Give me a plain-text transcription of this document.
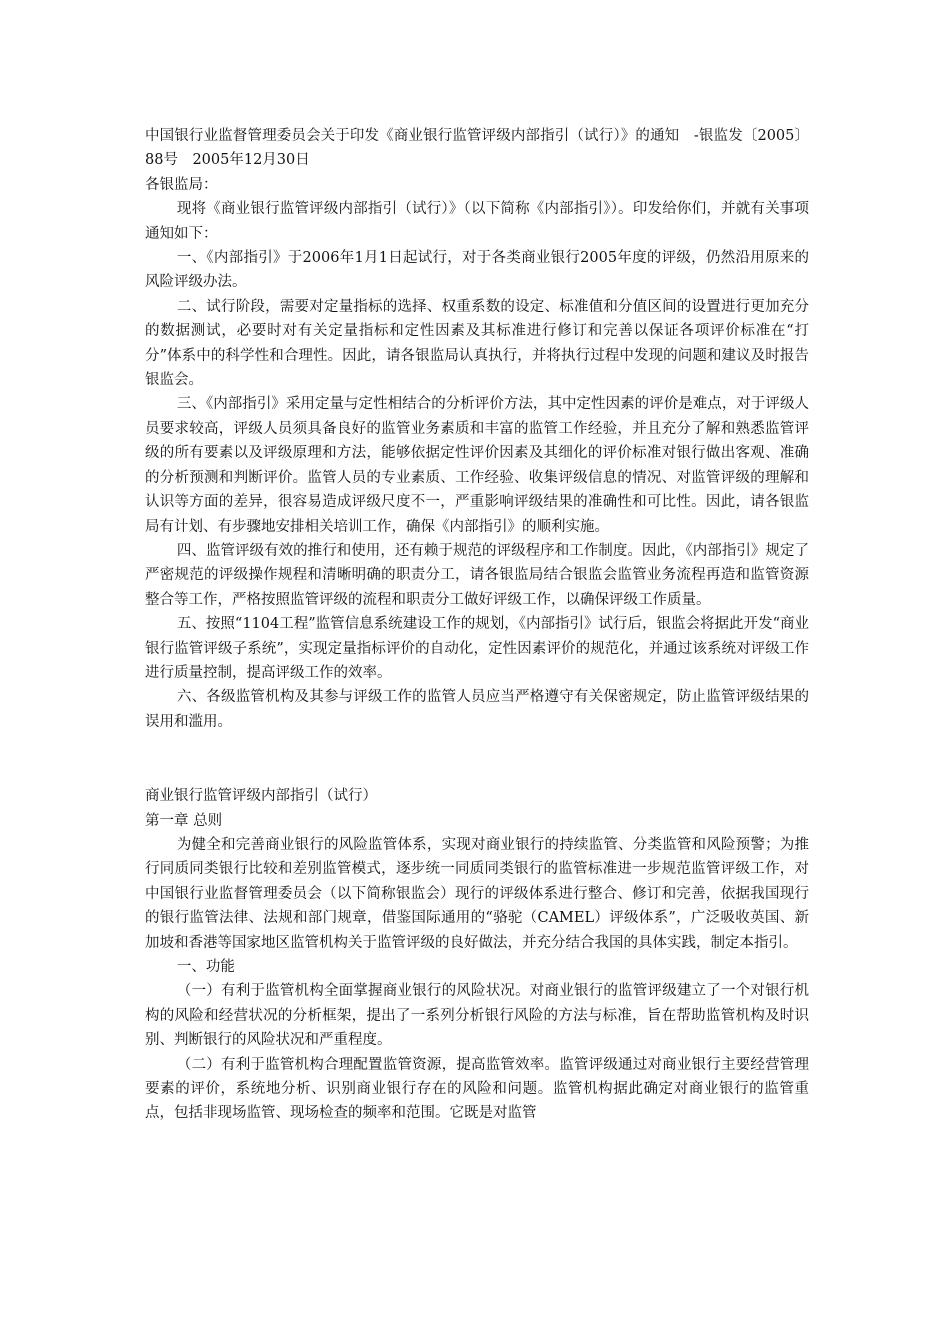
中国银行业监督管理委员会关于印发《商业银行监管评级内部指引（试行）》的通知　-银监发〔2005〕88号　2005年12月30日

各银监局：

现将《商业银行监管评级内部指引（试行）》（以下简称《内部指引》）。印发给你们，并就有关事项通知如下：

一、《内部指引》于2006年1月1日起试行，对于各类商业银行2005年度的评级，仍然沿用原来的风险评级办法。

二、试行阶段，需要对定量指标的选择、权重系数的设定、标准值和分值区间的设置进行更加充分的数据测试，必要时对有关定量指标和定性因素及其标准进行修订和完善以保证各项评价标准在“打分”体系中的科学性和合理性。因此，请各银监局认真执行，并将执行过程中发现的问题和建议及时报告银监会。

三、《内部指引》采用定量与定性相结合的分析评价方法，其中定性因素的评价是难点，对于评级人员要求较高，评级人员须具备良好的监管业务素质和丰富的监管工作经验，并且充分了解和熟悉监管评级的所有要素以及评级原理和方法，能够依据定性评价因素及其细化的评价标准对银行做出客观、准确的分析预测和判断评价。监管人员的专业素质、工作经验、收集评级信息的情况、对监管评级的理解和认识等方面的差异，很容易造成评级尺度不一，严重影响评级结果的准确性和可比性。因此，请各银监局有计划、有步骤地安排相关培训工作，确保《内部指引》的顺利实施。

四、监管评级有效的推行和使用，还有赖于规范的评级程序和工作制度。因此，《内部指引》规定了严密规范的评级操作规程和清晰明确的职责分工，请各银监局结合银监会监管业务流程再造和监管资源整合等工作，严格按照监管评级的流程和职责分工做好评级工作，以确保评级工作质量。

五、按照“1104工程”监管信息系统建设工作的规划，《内部指引》试行后，银监会将据此开发“商业银行监管评级子系统”，实现定量指标评价的自动化，定性因素评价的规范化，并通过该系统对评级工作进行质量控制，提高评级工作的效率。

六、各级监管机构及其参与评级工作的监管人员应当严格遵守有关保密规定，防止监管评级结果的误用和滥用。

商业银行监管评级内部指引（试行）

第一章 总则

为健全和完善商业银行的风险监管体系，实现对商业银行的持续监管、分类监管和风险预警；为推行同质同类银行比较和差别监管模式，逐步统一同质同类银行的监管标准进一步规范监管评级工作，对中国银行业监督管理委员会（以下简称银监会）现行的评级体系进行整合、修订和完善，依据我国现行的银行监管法律、法规和部门规章，借鉴国际通用的“骆驼（CAMEL）评级体系”，广泛吸收英国、新加坡和香港等国家地区监管机构关于监管评级的良好做法，并充分结合我国的具体实践，制定本指引。

一、功能

（一）有利于监管机构全面掌握商业银行的风险状况。对商业银行的监管评级建立了一个对银行机构的风险和经营状况的分析框架，提出了一系列分析银行风险的方法与标准，旨在帮助监管机构及时识别、判断银行的风险状况和严重程度。

（二）有利于监管机构合理配置监管资源，提高监管效率。监管评级通过对商业银行主要经营管理要素的评价，系统地分析、识别商业银行存在的风险和问题。监管机构据此确定对商业银行的监管重点，包括非现场监管、现场检查的频率和范围。它既是对监管
